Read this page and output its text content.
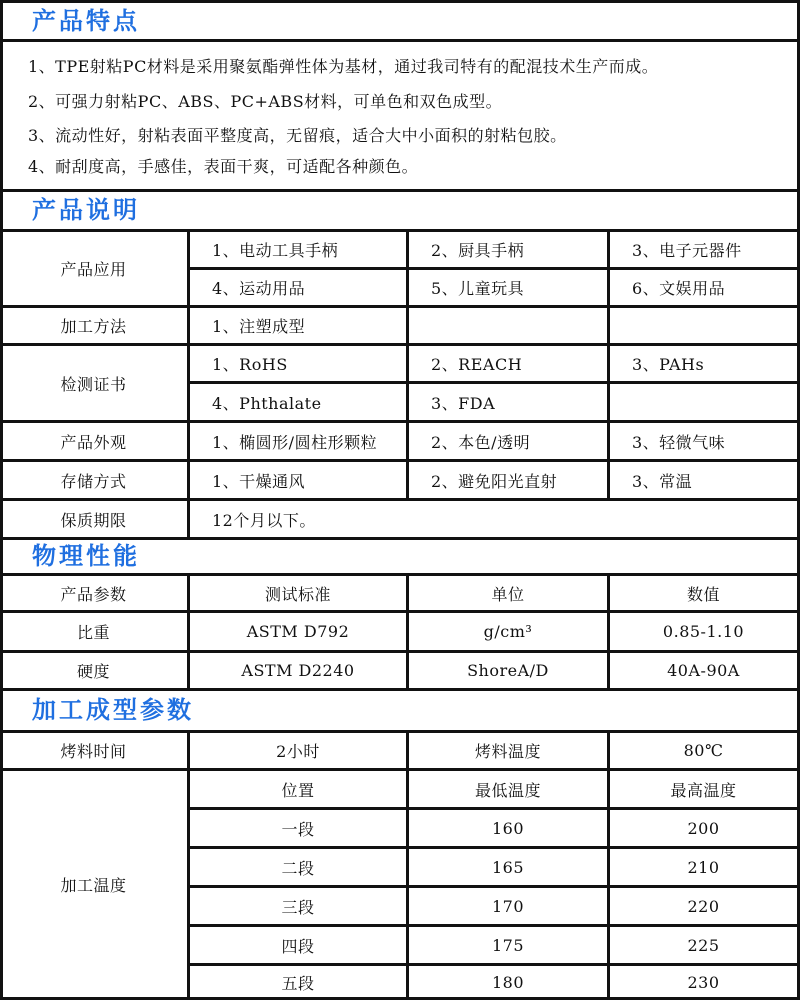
产品特点
1、TPE射粘PC材料是采用聚氨酯弹性体为基材，通过我司特有的配混技术生产而成。
2、可强力射粘PC、ABS、PC+ABS材料，可单色和双色成型。
3、流动性好，射粘表面平整度高，无留痕，适合大中小面积的射粘包胶。
4、耐刮度高，手感佳，表面干爽，可适配各种颜色。
产品说明
产品应用
1、电动工具手柄	2、厨具手柄	3、电子元器件
4、运动用品	5、儿童玩具	6、文娱用品
加工方法	1、注塑成型
检测证书
1、RoHS	2、REACH	3、PAHs
4、Phthalate	3、FDA
产品外观	1、椭圆形/圆柱形颗粒	2、本色/透明	3、轻微气味
存储方式	1、干燥通风	2、避免阳光直射	3、常温
保质期限	12个月以下。
物理性能
产品参数	测试标准	单位	数值
比重	ASTM D792	g/cm³	0.85-1.10
硬度	ASTM D2240	ShoreA/D	40A-90A
加工成型参数
烤料时间	2小时	烤料温度	80℃
加工温度
位置	最低温度	最高温度
一段	160	200
二段	165	210
三段	170	220
四段	175	225
五段	180	230
